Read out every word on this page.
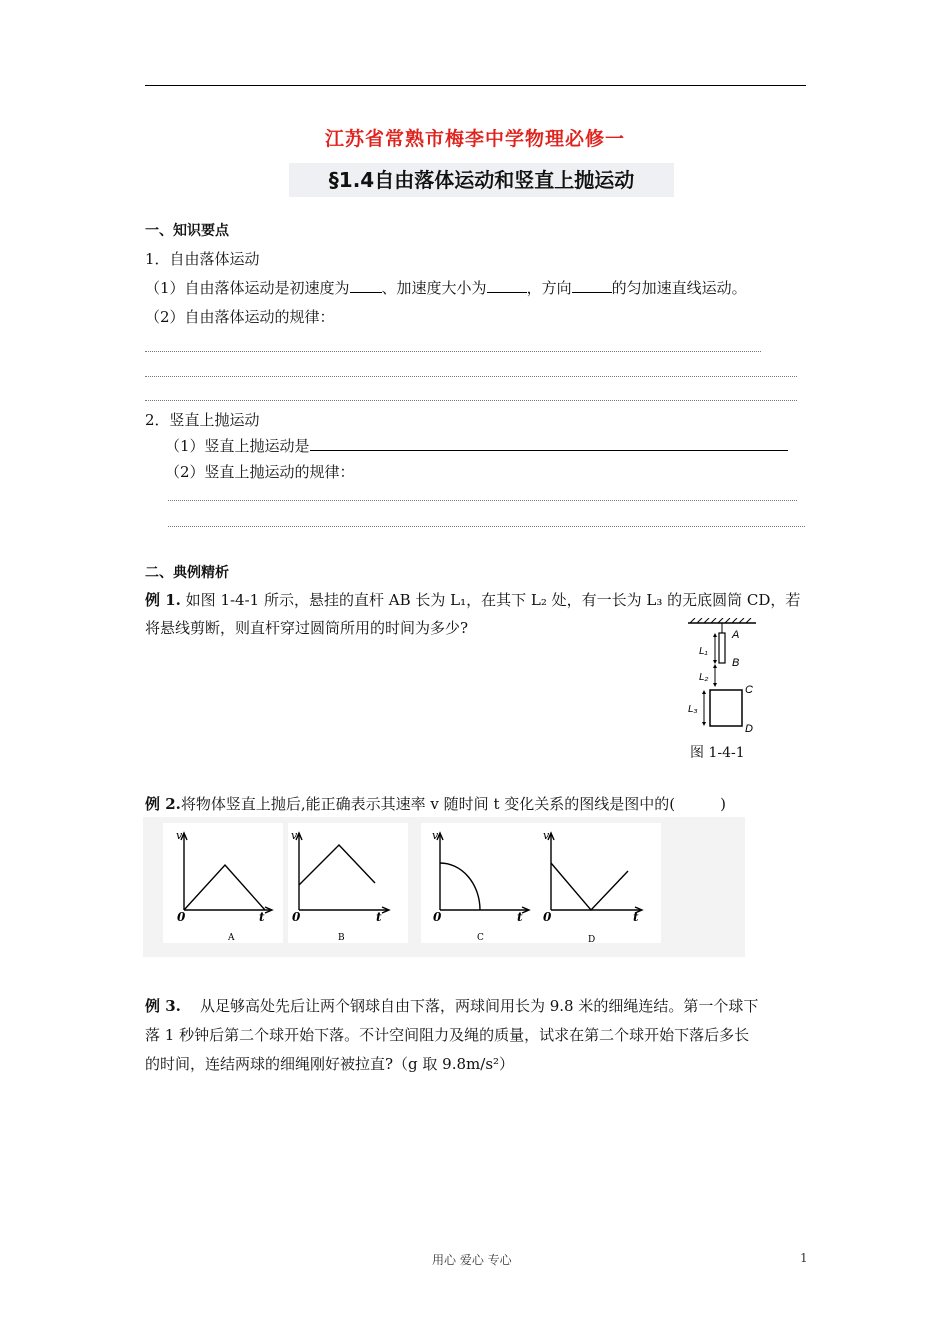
江苏省常熟市梅李中学物理必修一
§1.4自由落体运动和竖直上抛运动
一、知识要点
1．自由落体运动
（1）自由落体运动是初速度为 、加速度大小为	，方向	的匀加速直线运动。
（2）自由落体运动的规律：
2．竖直上抛运动
（1）竖直上抛运动是
（2）竖直上抛运动的规律：
二、典例精析
例 1. 如图 1-4-1 所示，悬挂的直杆 AB 长为 L₁，在其下 L₂ 处，有一长为 L₃ 的无底圆筒 CD，若
将悬线剪断，则直杆穿过圆筒所用的时间为多少?	A
B
C
D
L₁
L₂
L₃
图 1-4-1
例 2.将物体竖直上抛后,能正确表示其速率 v 随时间 t 变化关系的图线是图中的(　　　)
v
0	t
A
v
0	t
B
v
0	t
C
v
0	t
D
例 3. 从足够高处先后让两个钢球自由下落，两球间用长为 9.8 米的细绳连结。第一个球下
落 1 秒钟后第二个球开始下落。不计空间阻力及绳的质量，试求在第二个球开始下落后多长
的时间，连结两球的细绳刚好被拉直?（g 取 9.8m/s²）
用心 爱心 专心	1
